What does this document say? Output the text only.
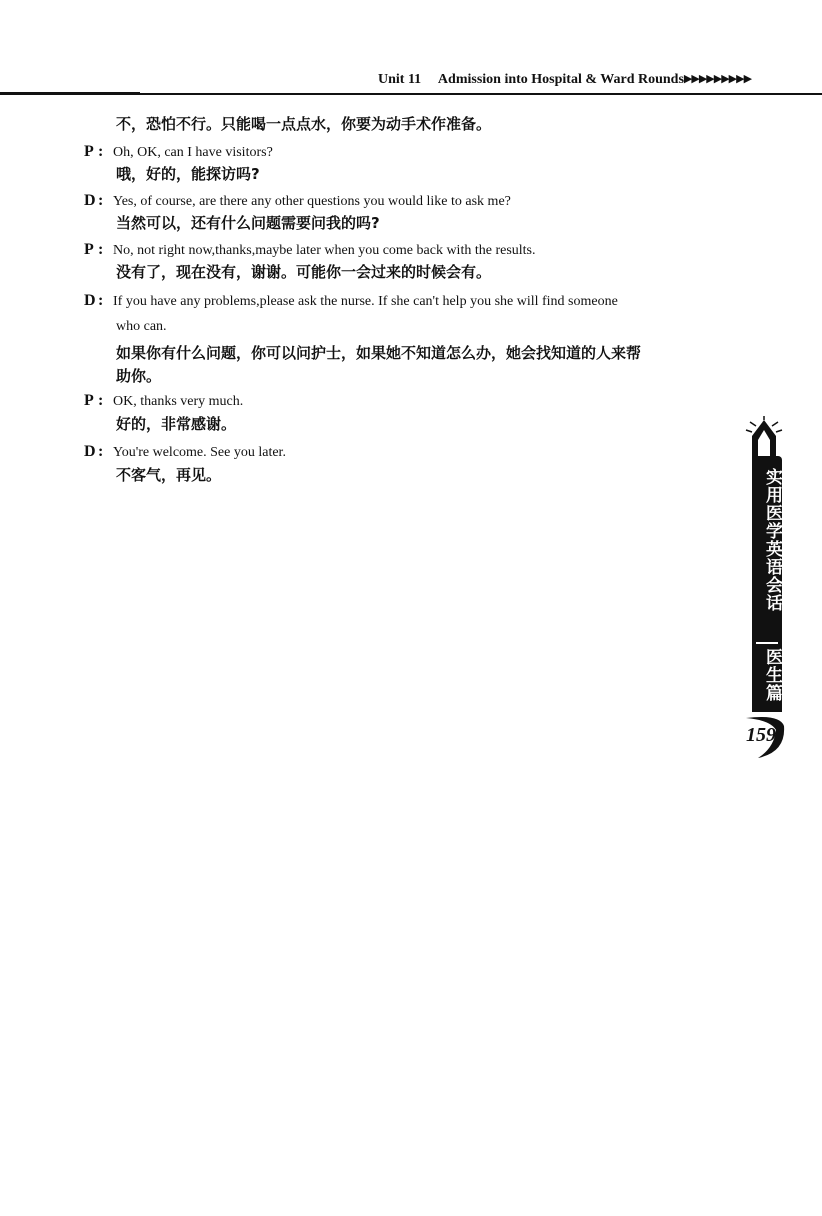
Unit 11 Admission into Hospital & Ward Rounds▶▶▶▶▶▶▶▶▶
不，恐怕不行。只能喝一点点水，你要为动手术作准备。
P : Oh, OK, can I have visitors?
哦，好的，能探访吗?
D : Yes, of course, are there any other questions you would like to ask me?
当然可以，还有什么问题需要问我的吗?
P : No, not right now,thanks,maybe later when you come back with the results.
没有了，现在没有，谢谢。可能你一会过来的时候会有。
D : If you have any problems,please ask the nurse. If she can't help you she will find someone
who can.
如果你有什么问题，你可以问护士，如果她不知道怎么办，她会找知道的人来帮
助你。
P : OK, thanks very much.
好的，非常感谢。
D : You're welcome. See you later.
不客气，再见。	实用医学英语会话
医生篇
159
